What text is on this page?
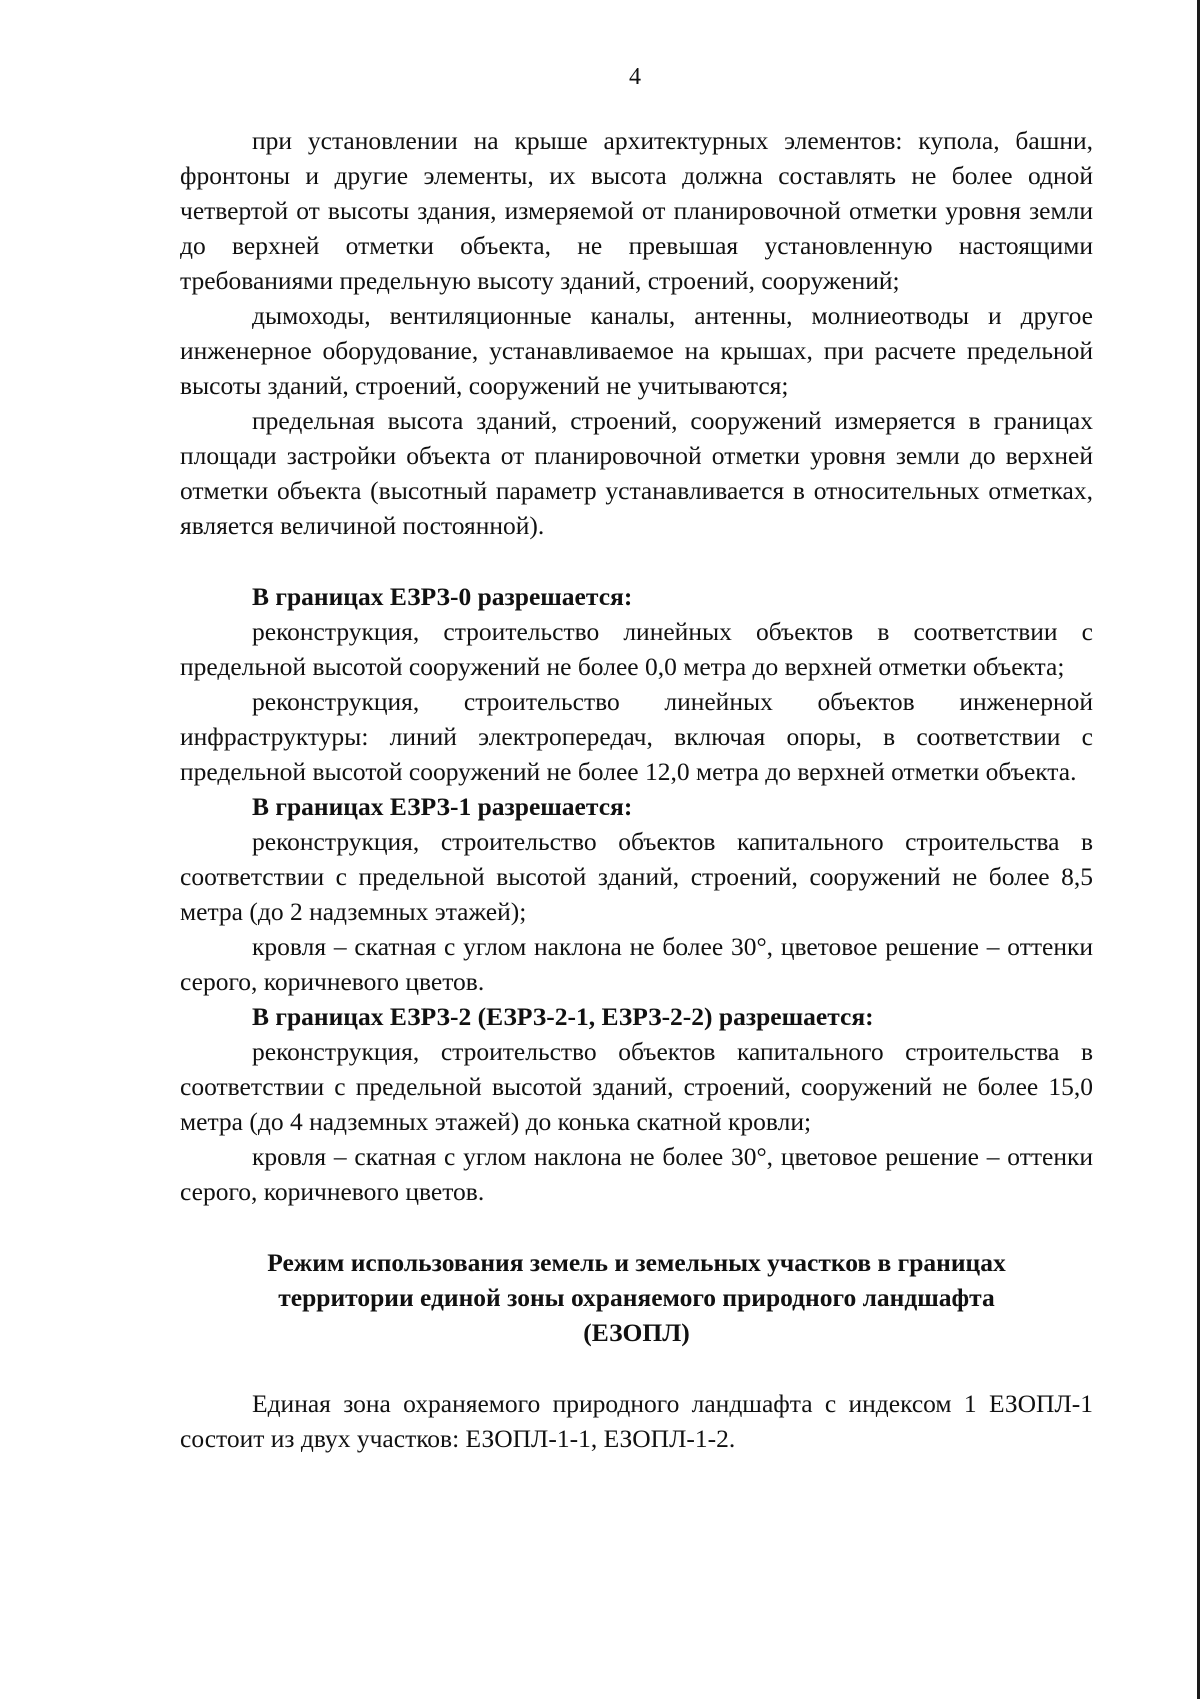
4

при установлении на крыше архитектурных элементов: купола, башни, фронтоны и другие элементы, их высота должна составлять не более одной четвертой от высоты здания, измеряемой от планировочной отметки уровня земли до верхней отметки объекта, не превышая установленную настоящими требованиями предельную высоту зданий, строений, сооружений;

дымоходы, вентиляционные каналы, антенны, молниеотводы и другое инженерное оборудование, устанавливаемое на крышах, при расчете предельной высоты зданий, строений, сооружений не учитываются;

предельная высота зданий, строений, сооружений измеряется в границах площади застройки объекта от планировочной отметки уровня земли до верхней отметки объекта (высотный параметр устанавливается в относительных отметках, является величиной постоянной).

В границах ЕЗРЗ-0 разрешается:

реконструкция, строительство линейных объектов в соответствии с предельной высотой сооружений не более 0,0 метра до верхней отметки объекта;

реконструкция, строительство линейных объектов инженерной инфраструктуры: линий электропередач, включая опоры, в соответствии с предельной высотой сооружений не более 12,0 метра до верхней отметки объекта.

В границах ЕЗРЗ-1 разрешается:

реконструкция, строительство объектов капитального строительства в соответствии с предельной высотой зданий, строений, сооружений не более 8,5 метра (до 2 надземных этажей);

кровля – скатная с углом наклона не более 30°, цветовое решение – оттенки серого, коричневого цветов.

В границах ЕЗРЗ-2 (ЕЗРЗ-2-1, ЕЗРЗ-2-2) разрешается:

реконструкция, строительство объектов капитального строительства в соответствии с предельной высотой зданий, строений, сооружений не более 15,0 метра (до 4 надземных этажей) до конька скатной кровли;

кровля – скатная с углом наклона не более 30°, цветовое решение – оттенки серого, коричневого цветов.

Режим использования земель и земельных участков в границах
территории единой зоны охраняемого природного ландшафта
(ЕЗОПЛ)

Единая зона охраняемого природного ландшафта с индексом 1 ЕЗОПЛ-1 состоит из двух участков: ЕЗОПЛ-1-1, ЕЗОПЛ-1-2.
